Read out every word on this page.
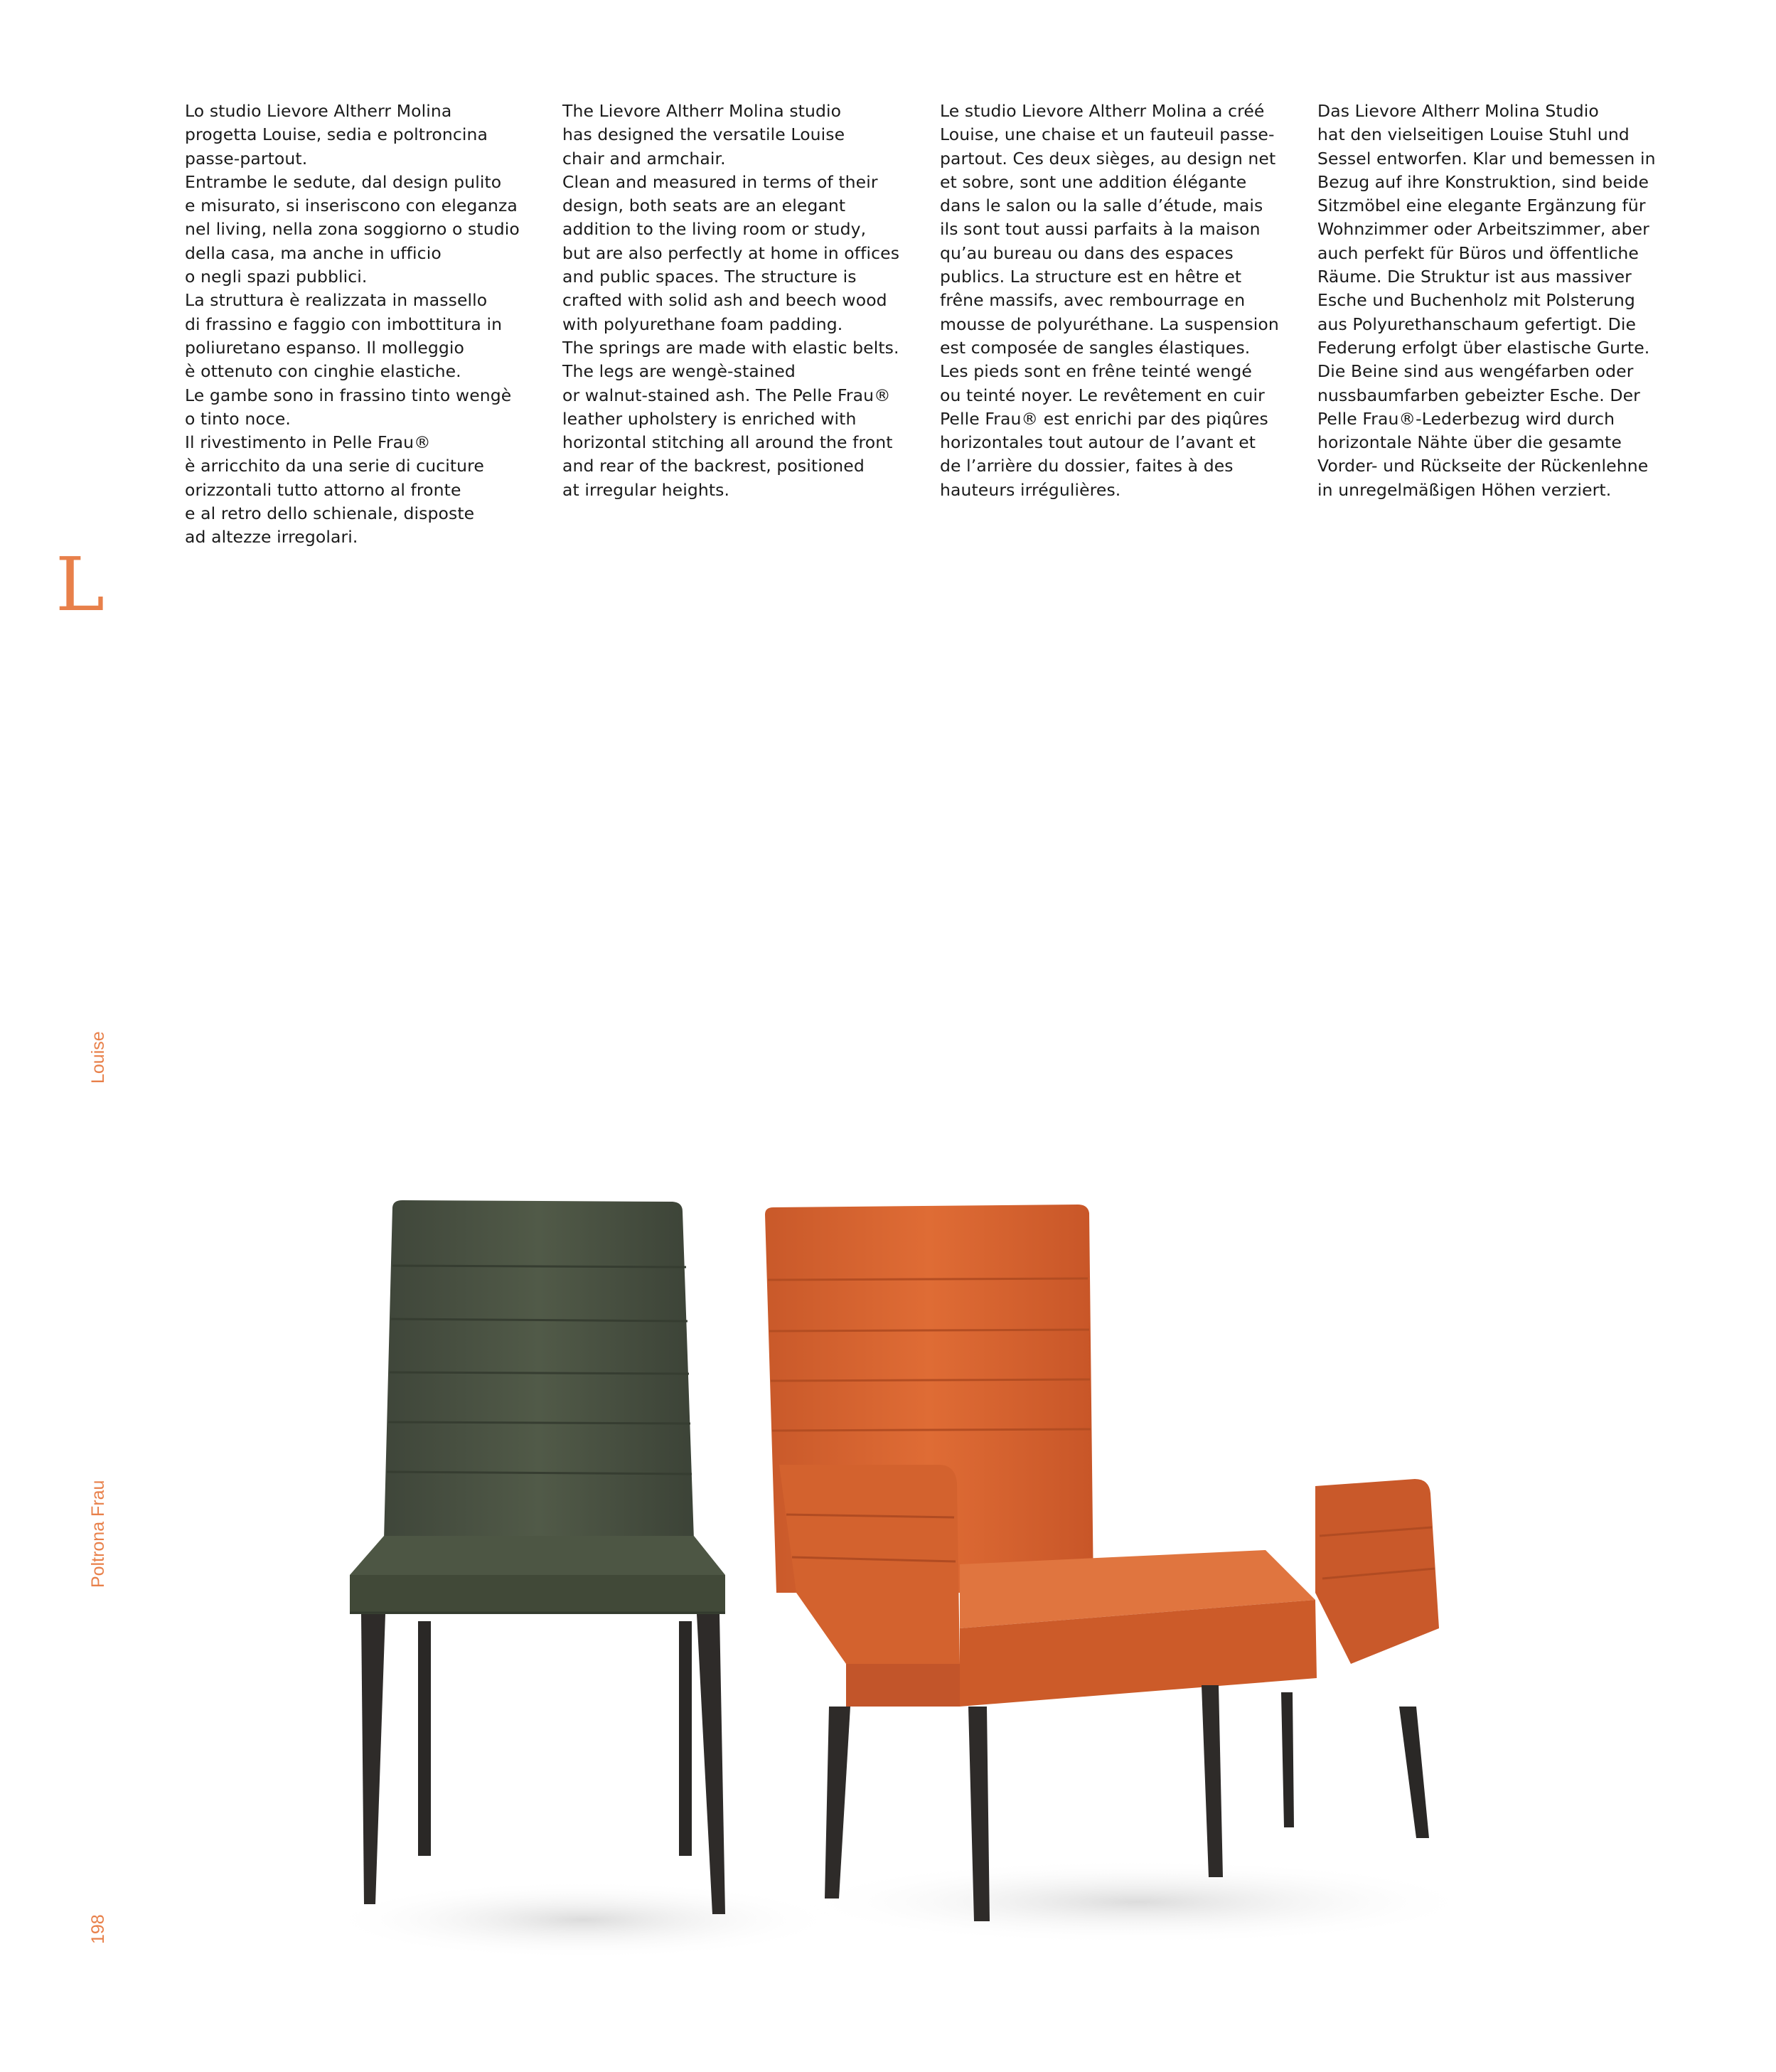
Lo studio Lievore Altherr Molina
progetta Louise, sedia e poltroncina
passe-partout.
Entrambe le sedute, dal design pulito
e misurato, si inseriscono con eleganza
nel living, nella zona soggiorno o studio
della casa, ma anche in ufficio
o negli spazi pubblici.
La struttura è realizzata in massello
di frassino e faggio con imbottitura in
poliuretano espanso. Il molleggio
è ottenuto con cinghie elastiche.
Le gambe sono in frassino tinto wengè
o tinto noce.
Il rivestimento in Pelle Frau®
è arricchito da una serie di cuciture
orizzontali tutto attorno al fronte
e al retro dello schienale, disposte
ad altezze irregolari.
The Lievore Altherr Molina studio
has designed the versatile Louise
chair and armchair.
Clean and measured in terms of their
design, both seats are an elegant
addition to the living room or study,
but are also perfectly at home in offices
and public spaces. The structure is
crafted with solid ash and beech wood
with polyurethane foam padding.
The springs are made with elastic belts.
The legs are wengè-stained
or walnut-stained ash. The Pelle Frau®
leather upholstery is enriched with
horizontal stitching all around the front
and rear of the backrest, positioned
at irregular heights.
Le studio Lievore Altherr Molina a créé
Louise, une chaise et un fauteuil passe-
partout. Ces deux sièges, au design net
et sobre, sont une addition élégante
dans le salon ou la salle d’étude, mais
ils sont tout aussi parfaits à la maison
qu’au bureau ou dans des espaces
publics. La structure est en hêtre et
frêne massifs, avec rembourrage en
mousse de polyuréthane. La suspension
est composée de sangles élastiques.
Les pieds sont en frêne teinté wengé
ou teinté noyer. Le revêtement en cuir
Pelle Frau® est enrichi par des piqûres
horizontales tout autour de l’avant et
de l’arrière du dossier, faites à des
hauteurs irrégulières.
Das Lievore Altherr Molina Studio
hat den vielseitigen Louise Stuhl und
Sessel entworfen. Klar und bemessen in
Bezug auf ihre Konstruktion, sind beide
Sitzmöbel eine elegante Ergänzung für
Wohnzimmer oder Arbeitszimmer, aber
auch perfekt für Büros und öffentliche
Räume. Die Struktur ist aus massiver
Esche und Buchenholz mit Polsterung
aus Polyurethanschaum gefertigt. Die
Federung erfolgt über elastische Gurte.
Die Beine sind aus wengéfarben oder
nussbaumfarben gebeizter Esche. Der
Pelle Frau®-Lederbezug wird durch
horizontale Nähte über die gesamte
Vorder- und Rückseite der Rückenlehne
in unregelmäßigen Höhen verziert.
L
Louise
Poltrona Frau
198
